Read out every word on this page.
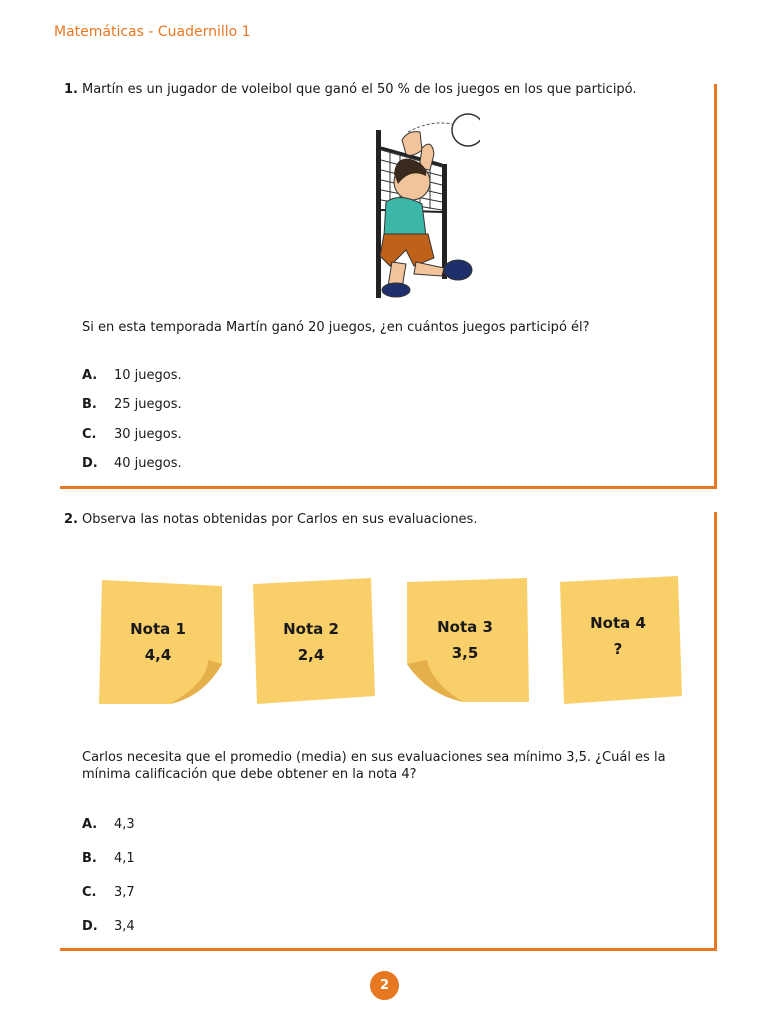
Matemáticas - Cuadernillo 1
1. Martín es un jugador de voleibol que ganó el 50 % de los juegos en los que participó.
Si en esta temporada Martín ganó 20 juegos, ¿en cuántos juegos participó él?
A. 10 juegos.
B. 25 juegos.
C. 30 juegos.
D. 40 juegos.
2. Observa las notas obtenidas por Carlos en sus evaluaciones.
Nota 1
4,4
Nota 2
2,4
Nota 3
3,5
Nota 4
?
Carlos necesita que el promedio (media) en sus evaluaciones sea mínimo 3,5. ¿Cuál es la mínima calificación que debe obtener en la nota 4?
A. 4,3
B. 4,1
C. 3,7
D. 3,4
2
